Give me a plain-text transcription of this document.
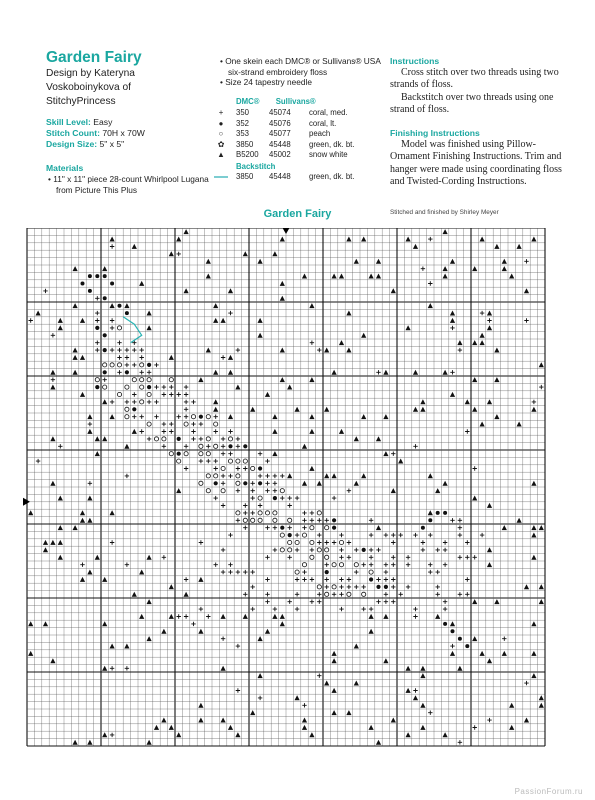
Garden Fairy
Design by Kateryna
Voskoboinykova of
StitchyPrincess
Skill Level: Easy
Stitch Count: 70H x 70W
Design Size: 5" x 5"
Materials
• 11" x 11" piece 28-count Whirlpool Lugana from Picture This Plus
• One skein each DMC® or Sullivans® USA six-strand embroidery floss
• Size 24 tapestry needle
DMC® Sullivans®
+	350	45074 coral, med.
●	352	45076 coral, lt.
○	353	45077 peach
✿ 3850 45448 green, dk. bt.
▲ B5200 45002 snow white
Backstitch
3850 45448 green, dk. bt.
Instructions
Cross stitch over two threads using two strands of floss.
Backstitch over two threads using one strand of floss.
Finishing Instructions
Model was finished using Pillow-Ornament Finishing Instructions. Trim and hanger were made using coordinating floss and Twisted-Cording Instructions.
Stitched and finished by Shirley Meyer
Garden Fairy
PassionForum.ru
